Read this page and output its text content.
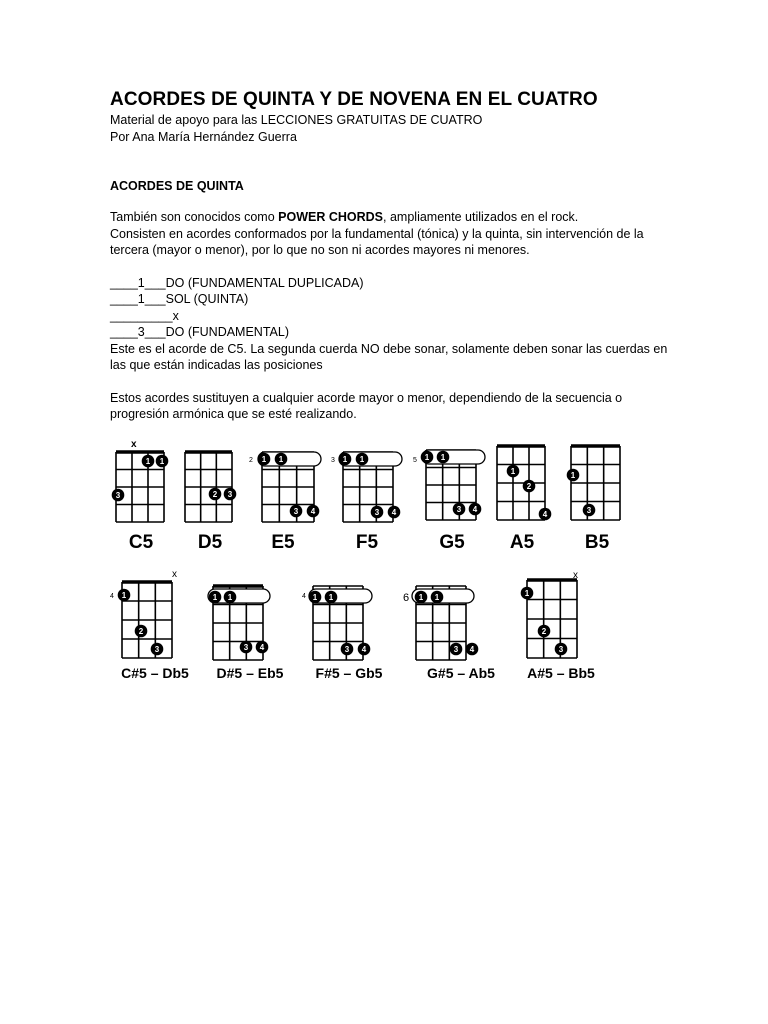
ACORDES DE QUINTA Y DE NOVENA EN EL CUATRO
Material de apoyo para las LECCIONES GRATUITAS DE CUATRO
Por Ana María Hernández Guerra
ACORDES DE QUINTA
También son conocidos como POWER CHORDS, ampliamente utilizados en el rock.
Consisten en acordes conformados por la fundamental (tónica) y la quinta, sin intervención de la tercera (mayor o menor), por lo que no son ni acordes mayores ni menores.
____1___DO (FUNDAMENTAL DUPLICADA)
____1___SOL (QUINTA)
_________x
____3___DO (FUNDAMENTAL)
Este es el acorde de C5. La segunda cuerda NO debe sonar, solamente deben sonar las cuerdas en las que están indicadas las posiciones
Estos acordes sustituyen a cualquier acorde mayor o menor, dependiendo de la secuencia o progresión armónica que se esté realizando.
x
x	x
2	3	5
4	4	6
C5 D5	E5	F5	G5 A5	B5
C#5 – Db5 D#5 – Eb5 F#5 – Gb5	G#5 – Ab5 A#5 – Bb5
1 1
3	2 3
1 1
3 4
1 1
3 4
1 1
3 4
1
2
4
1
3
1
2
3
1 1
3 4
1 1
3 4
1 1
3 4
1
2
3
